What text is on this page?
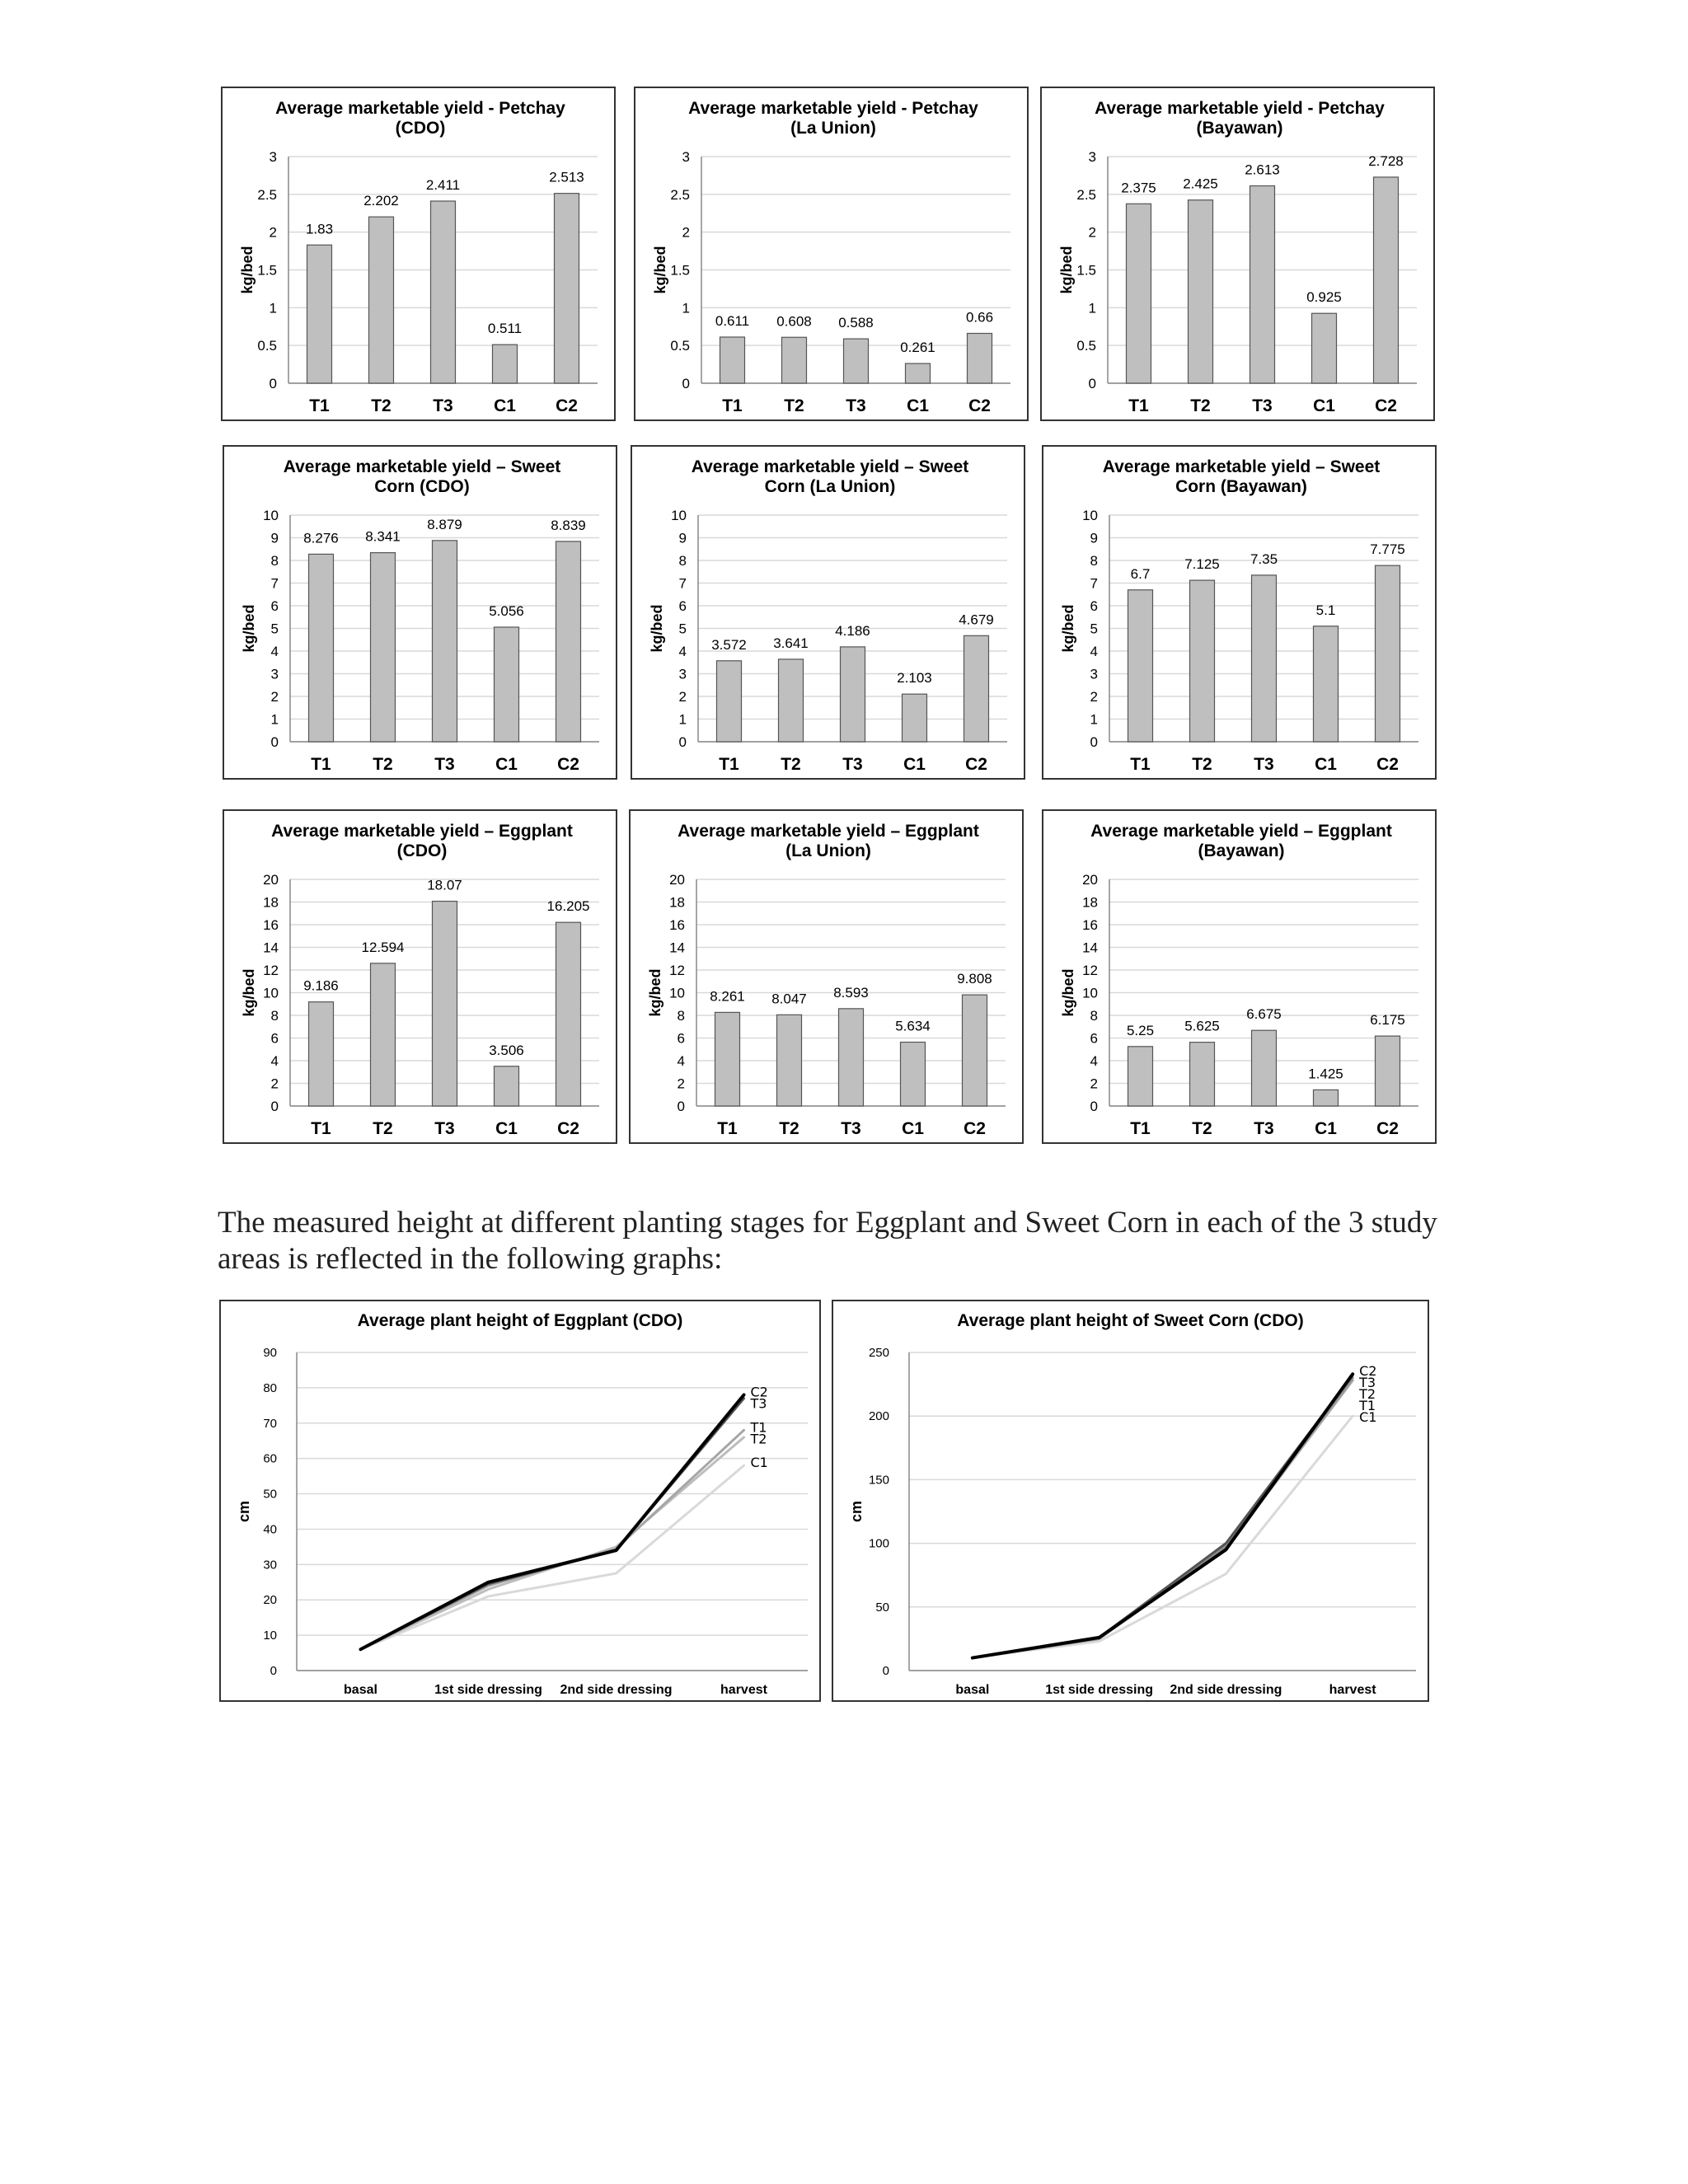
Average marketable yield - Petchay
(CDO)
0
0.5
1
1.5
2
2.5
3
kg/bed
1.83
T1
2.202
T2
2.411
T3
0.511
C1
2.513
C2
Average marketable yield - Petchay
(La Union)
0
0.5
1
1.5
2
2.5
3
kg/bed
0.611
T1
0.608
T2
0.588
T3
0.261
C1
0.66
C2
Average marketable yield - Petchay
(Bayawan)
0
0.5
1
1.5
2
2.5
3
kg/bed
2.375
T1
2.425
T2
2.613
T3
0.925
C1
2.728
C2
Average marketable yield – Sweet
Corn (CDO)
0
1
2
3
4
5
6
7
8
9
10
kg/bed
8.276
T1
8.341
T2
8.879
T3
5.056
C1
8.839
C2
Average marketable yield – Sweet
Corn (La Union)
0
1
2
3
4
5
6
7
8
9
10
kg/bed	3.572
T1
3.641
T2
4.186
T3
2.103
C1
4.679
C2
Average marketable yield – Sweet
Corn (Bayawan)
0
1
2
3
4
5
6
7
8
9
10
kg/bed
6.7
T1
7.125
T2
7.35
T3
5.1
C1
7.775
C2
Average marketable yield – Eggplant
(CDO)
0
2
4
6
8
10
12
14
16
18
20
kg/bed	9.186
T1
12.594
T2
18.07
T3
3.506
C1
16.205
C2
Average marketable yield – Eggplant
(La Union)
0
2
4
6
8
10
12
14
16
18
20
kg/bed	8.261
T1
8.047
T2
8.593
T3
5.634
C1
9.808
C2
Average marketable yield – Eggplant
(Bayawan)
0
2
4
6
8
10
12
14
16
18
20
kg/bed
5.25
T1
5.625
T2
6.675
T3
1.425
C1
6.175
C2

The measured height at different planting stages for Eggplant and Sweet Corn in each of the 3 study areas is reflected in the following graphs:

Average plant height of Eggplant (CDO)
0
10
20
30
40
50
60
70
80
90
cm
basal	1st side dressing 2nd side dressing	harvest
C2
T3
T1
T2
C1
Average plant height of Sweet Corn (CDO)
0
50
100
150
200
250
cm
basal	1st side dressing 2nd side dressing	harvest
C2
T3
T2
T1
C1
